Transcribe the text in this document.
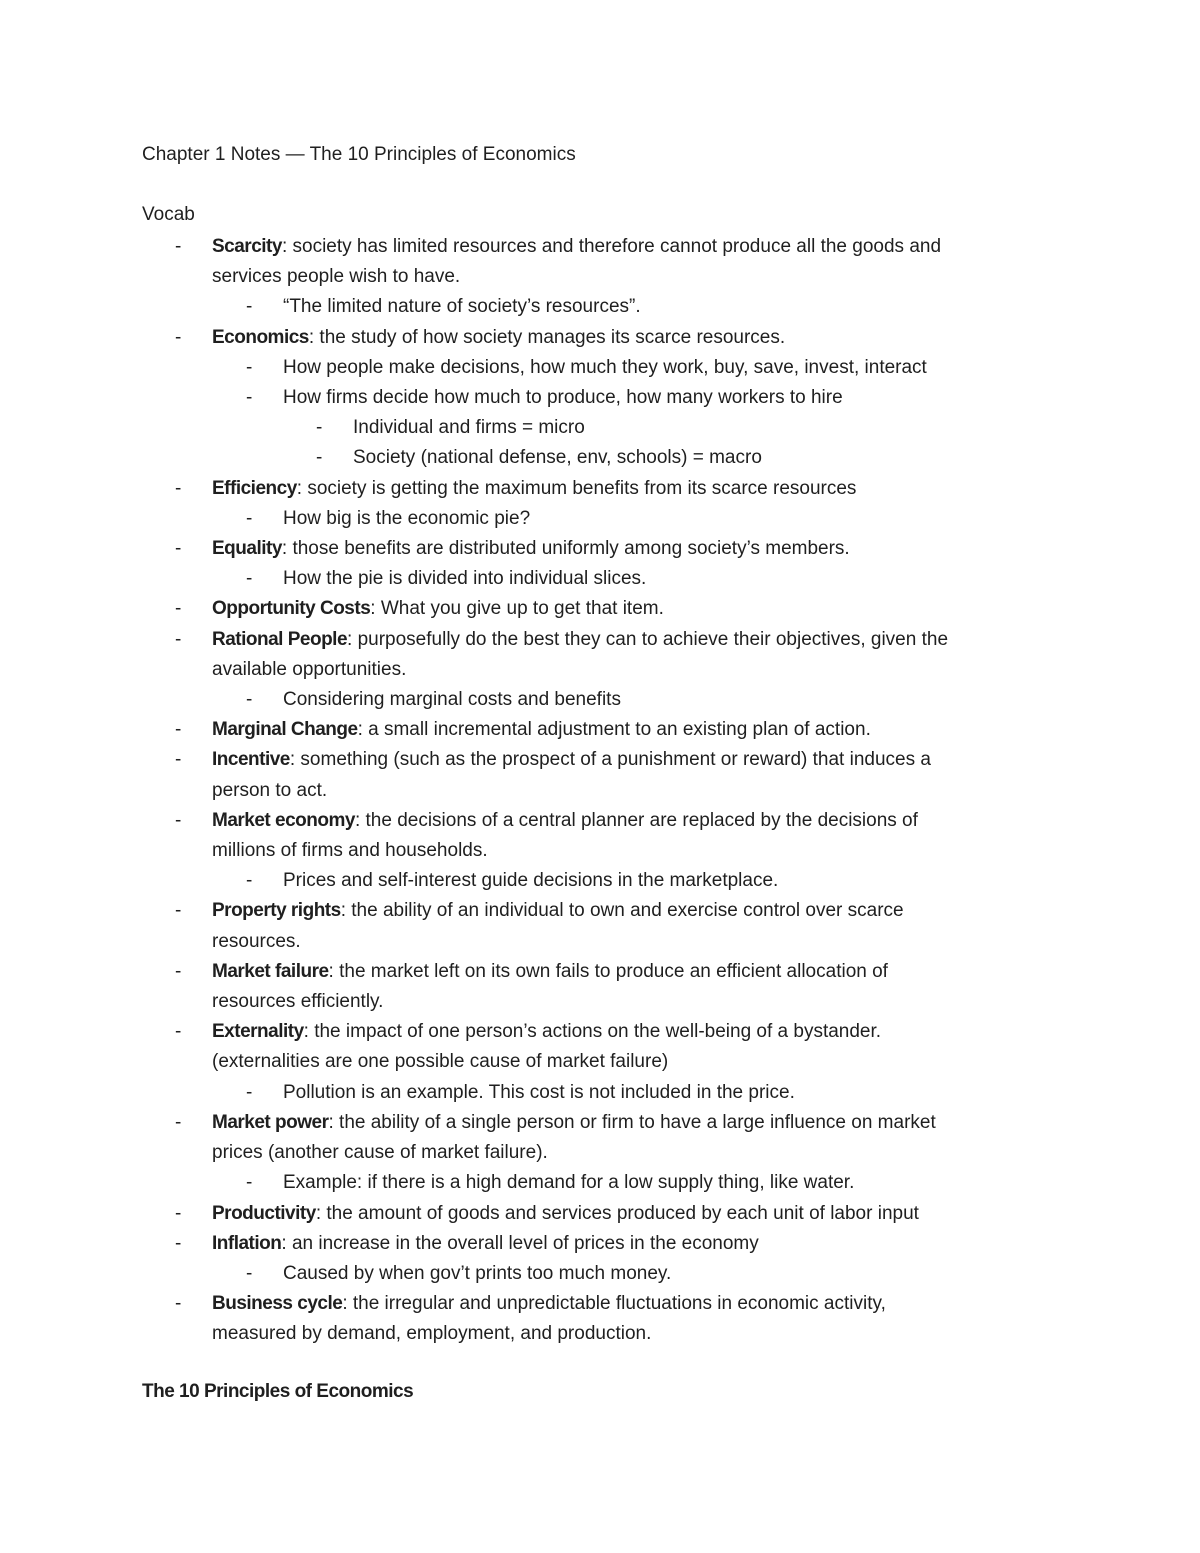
Chapter 1 Notes — The 10 Principles of Economics
Vocab
- Scarcity: society has limited resources and therefore cannot produce all the goods and
services people wish to have.
- “The limited nature of society’s resources”.
- Economics: the study of how society manages its scarce resources.
- How people make decisions, how much they work, buy, save, invest, interact
- How firms decide how much to produce, how many workers to hire
- Individual and firms = micro
- Society (national defense, env, schools) = macro
- Efficiency: society is getting the maximum benefits from its scarce resources
- How big is the economic pie?
- Equality: those benefits are distributed uniformly among society’s members.
- How the pie is divided into individual slices.
- Opportunity Costs: What you give up to get that item.
- Rational People: purposefully do the best they can to achieve their objectives, given the
available opportunities.
- Considering marginal costs and benefits
- Marginal Change: a small incremental adjustment to an existing plan of action.
- Incentive: something (such as the prospect of a punishment or reward) that induces a
person to act.
- Market economy: the decisions of a central planner are replaced by the decisions of
millions of firms and households.
- Prices and self-interest guide decisions in the marketplace.
- Property rights: the ability of an individual to own and exercise control over scarce
resources.
- Market failure: the market left on its own fails to produce an efficient allocation of
resources efficiently.
- Externality: the impact of one person’s actions on the well-being of a bystander.
(externalities are one possible cause of market failure)
- Pollution is an example. This cost is not included in the price.
- Market power: the ability of a single person or firm to have a large influence on market
prices (another cause of market failure).
- Example: if there is a high demand for a low supply thing, like water.
- Productivity: the amount of goods and services produced by each unit of labor input
- Inflation: an increase in the overall level of prices in the economy
- Caused by when gov’t prints too much money.
- Business cycle: the irregular and unpredictable fluctuations in economic activity,
measured by demand, employment, and production.
The 10 Principles of Economics
